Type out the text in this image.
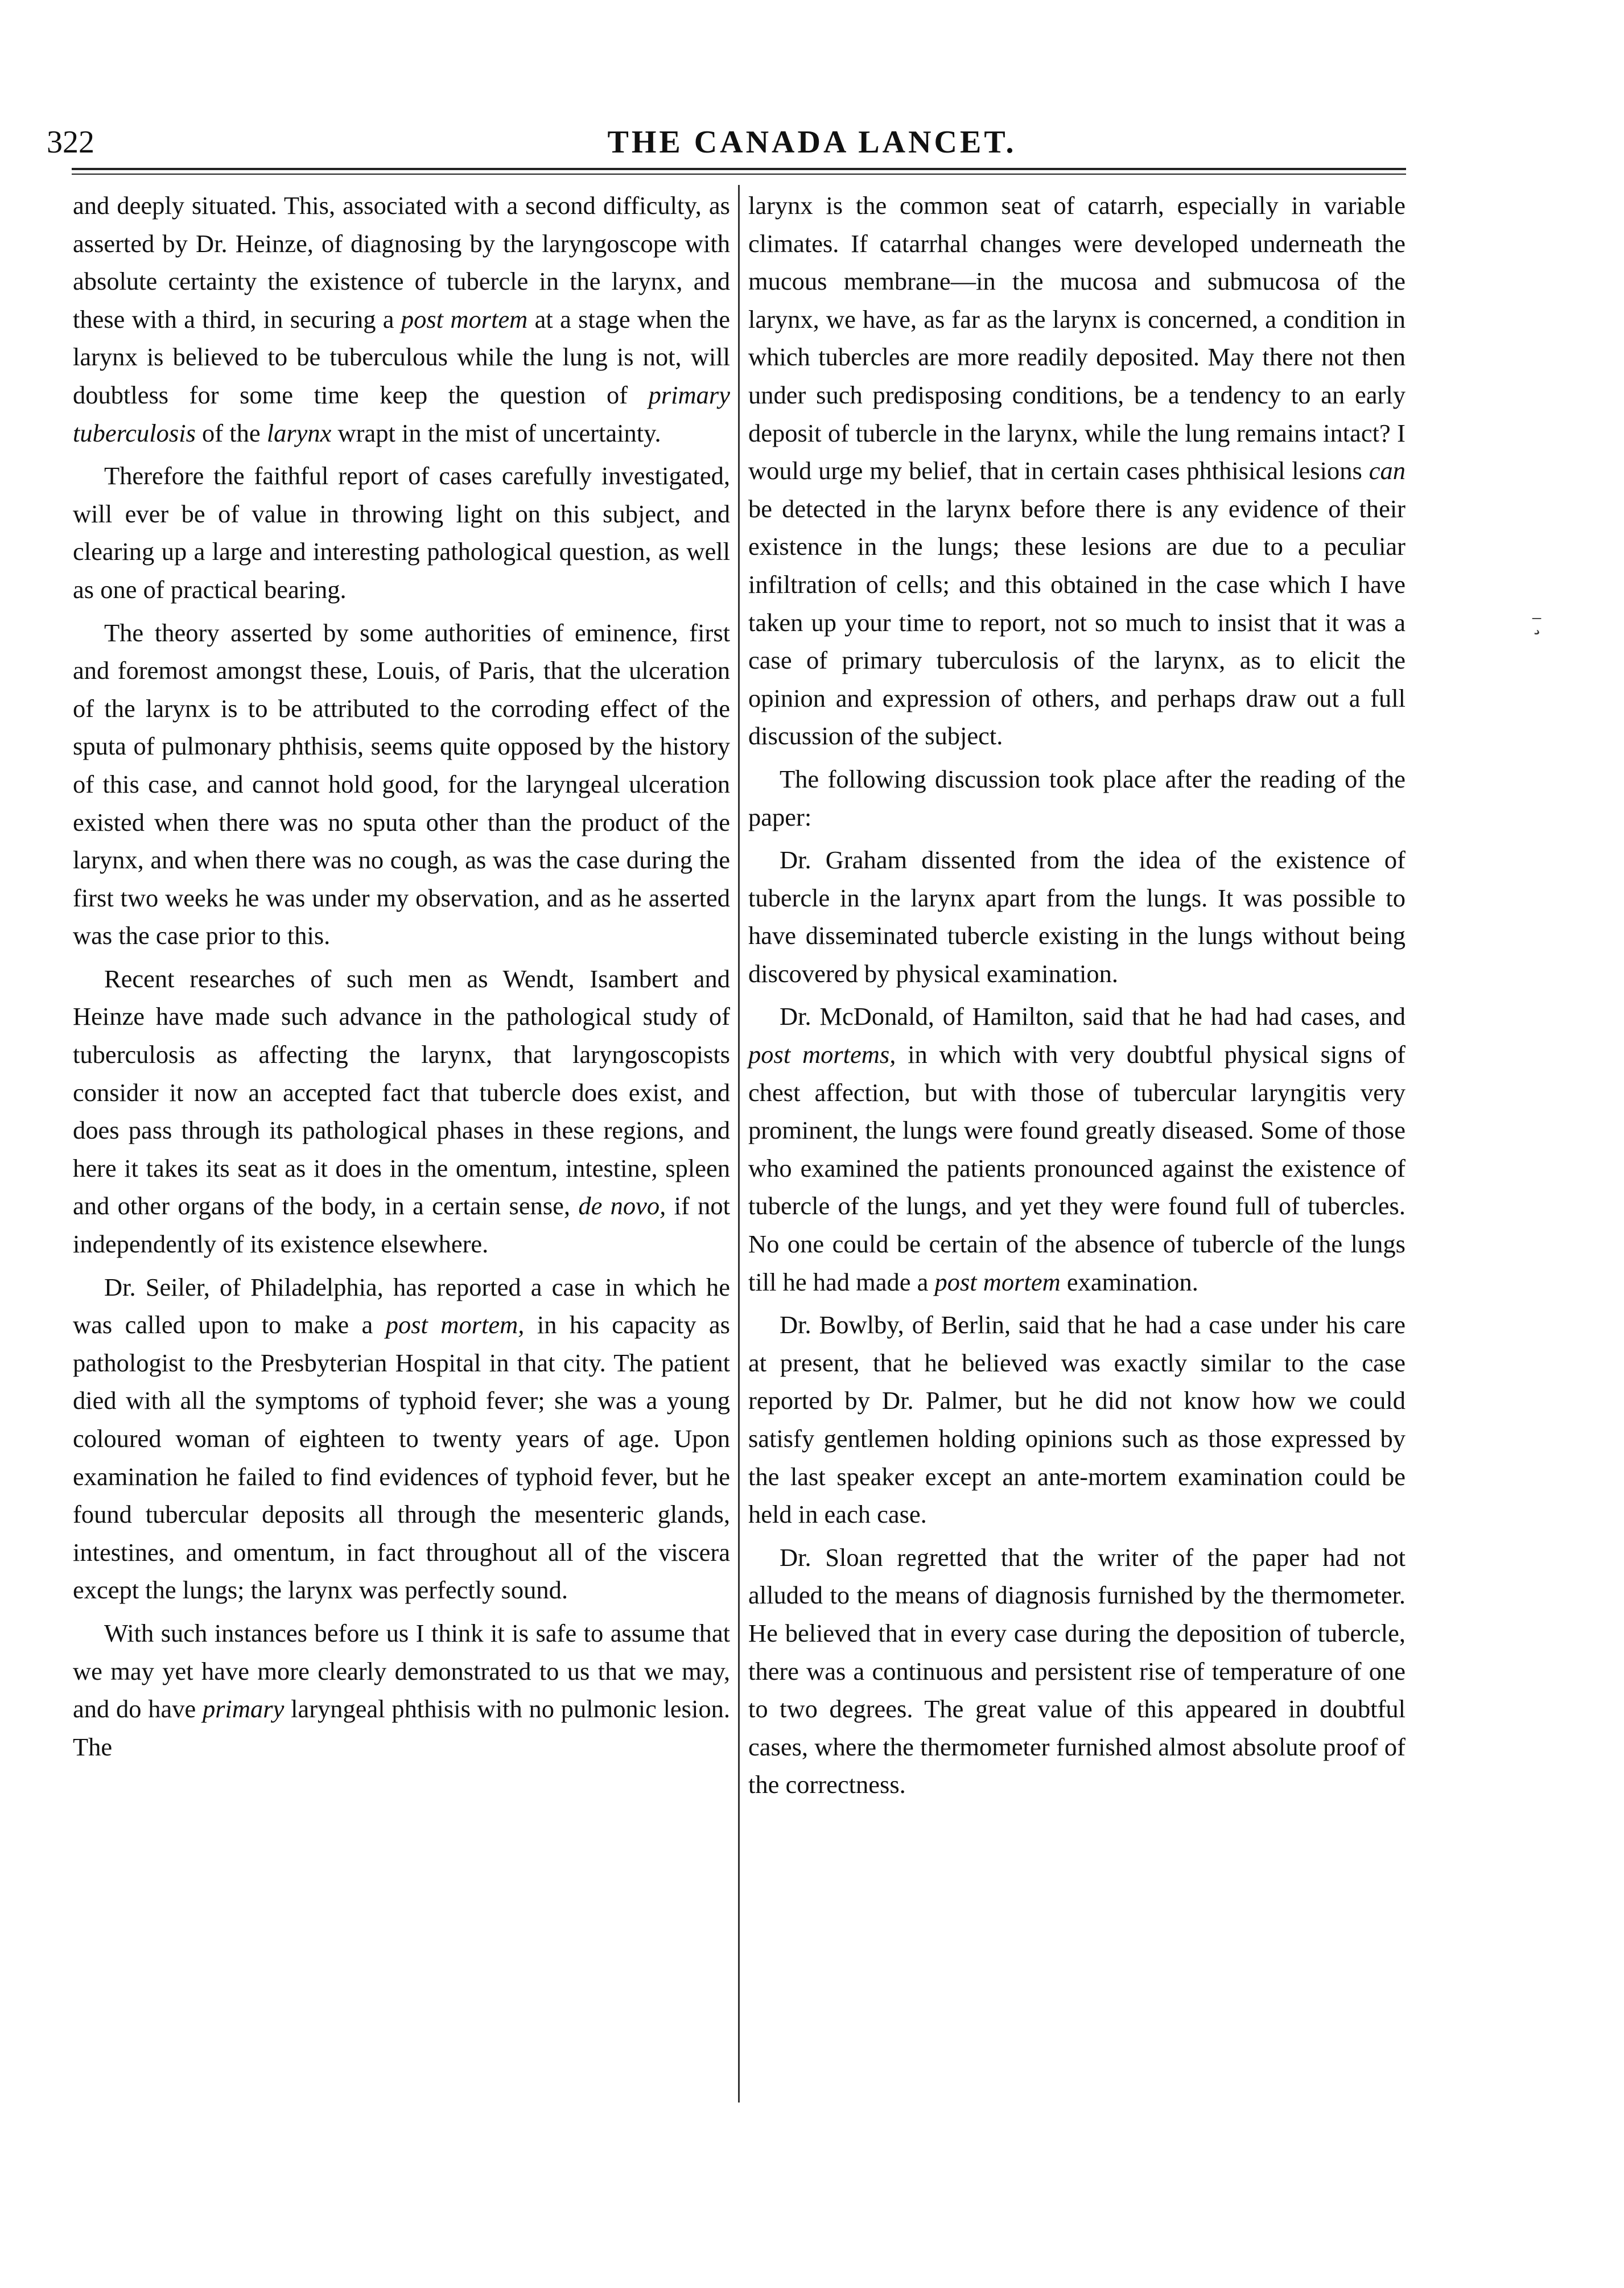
THE CANADA LANCET.
322

and deeply situated. This, associated with a second difficulty, as asserted by Dr. Heinze, of diagnosing by the laryngoscope with absolute certainty the existence of tubercle in the larynx, and these with a third, in securing a post mortem at a stage when the larynx is believed to be tuberculous while the lung is not, will doubtless for some time keep the question of primary tuberculosis of the larynx wrapt in the mist of uncertainty.

Therefore the faithful report of cases carefully investigated, will ever be of value in throwing light on this subject, and clearing up a large and interesting pathological question, as well as one of practical bearing.

The theory asserted by some authorities of eminence, first and foremost amongst these, Louis, of Paris, that the ulceration of the larynx is to be attributed to the corroding effect of the sputa of pulmonary phthisis, seems quite opposed by the history of this case, and cannot hold good, for the laryngeal ulceration existed when there was no sputa other than the product of the larynx, and when there was no cough, as was the case during the first two weeks he was under my observation, and as he asserted was the case prior to this.

Recent researches of such men as Wendt, Isambert and Heinze have made such advance in the pathological study of tuberculosis as affecting the larynx, that laryngoscopists consider it now an accepted fact that tubercle does exist, and does pass through its pathological phases in these regions, and here it takes its seat as it does in the omentum, intestine, spleen and other organs of the body, in a certain sense, de novo, if not independently of its existence elsewhere.

Dr. Seiler, of Philadelphia, has reported a case in which he was called upon to make a post mortem, in his capacity as pathologist to the Presbyterian Hospital in that city. The patient died with all the symptoms of typhoid fever; she was a young coloured woman of eighteen to twenty years of age. Upon examination he failed to find evidences of typhoid fever, but he found tubercular deposits all through the mesenteric glands, intestines, and omentum, in fact throughout all of the viscera except the lungs; the larynx was perfectly sound.

With such instances before us I think it is safe to assume that we may yet have more clearly demonstrated to us that we may, and do have primary laryngeal phthisis with no pulmonic lesion. The

larynx is the common seat of catarrh, especially in variable climates. If catarrhal changes were developed underneath the mucous membrane—in the mucosa and submucosa of the larynx, we have, as far as the larynx is concerned, a condition in which tubercles are more readily deposited. May there not then under such predisposing conditions, be a tendency to an early deposit of tubercle in the larynx, while the lung remains intact? I would urge my belief, that in certain cases phthisical lesions can be detected in the larynx before there is any evidence of their existence in the lungs; these lesions are due to a peculiar infiltration of cells; and this obtained in the case which I have taken up your time to report, not so much to insist that it was a case of primary tuberculosis of the larynx, as to elicit the opinion and expression of others, and perhaps draw out a full discussion of the subject.

The following discussion took place after the reading of the paper:

Dr. Graham dissented from the idea of the existence of tubercle in the larynx apart from the lungs. It was possible to have disseminated tubercle existing in the lungs without being discovered by physical examination.

Dr. McDonald, of Hamilton, said that he had had cases, and post mortems, in which with very doubtful physical signs of chest affection, but with those of tubercular laryngitis very prominent, the lungs were found greatly diseased. Some of those who examined the patients pronounced against the existence of tubercle of the lungs, and yet they were found full of tubercles. No one could be certain of the absence of tubercle of the lungs till he had made a post mortem examination.

Dr. Bowlby, of Berlin, said that he had a case under his care at present, that he believed was exactly similar to the case reported by Dr. Palmer, but he did not know how we could satisfy gentlemen holding opinions such as those expressed by the last speaker except an ante-mortem examination could be held in each case.

Dr. Sloan regretted that the writer of the paper had not alluded to the means of diagnosis furnished by the thermometer. He believed that in every case during the deposition of tubercle, there was a continuous and persistent rise of temperature of one to two degrees. The great value of this appeared in doubtful cases, where the thermometer furnished almost absolute proof of the correctness.

⁻̧
